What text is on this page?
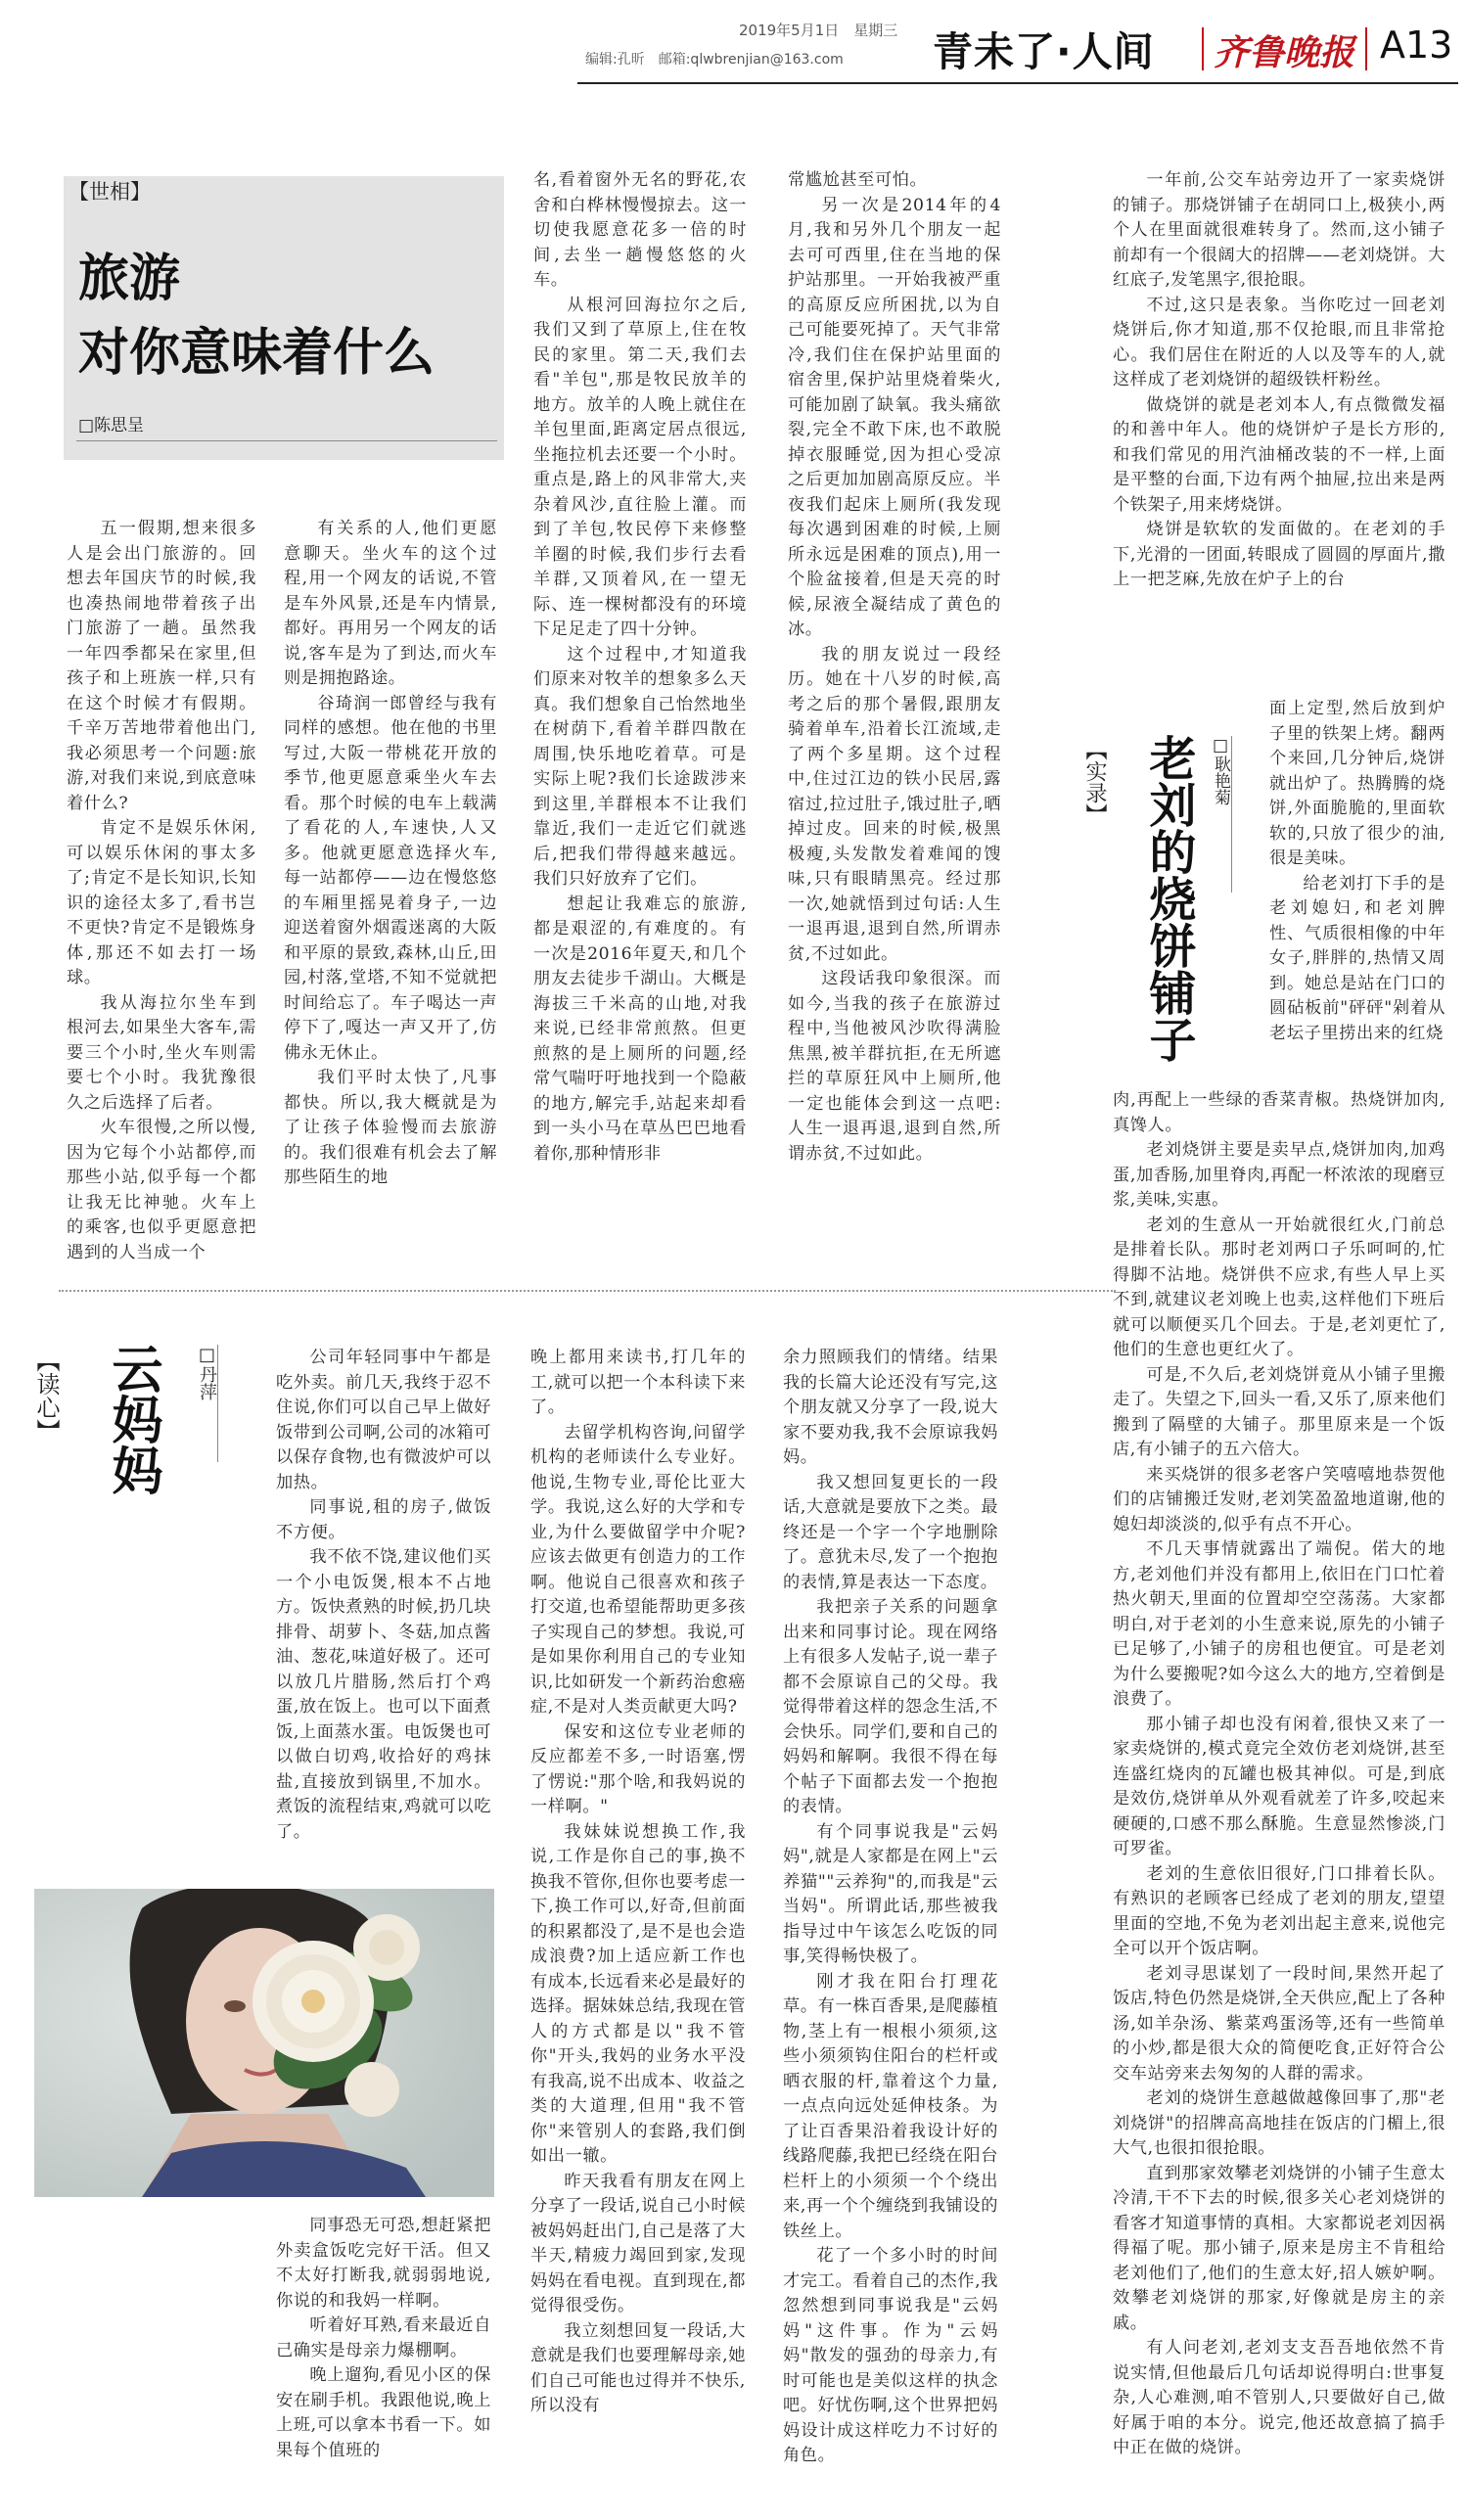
2019年5月1日　星期三
编辑:孔昕　邮箱:qlwbrenjian@163.com 青未了·人间 齐鲁晚报 A13
【世相】
旅游
对你意味着什么
□陈思呈

五一假期,想来很多人是会出门旅游的。回想去年国庆节的时候,我也凑热闹地带着孩子出门旅游了一趟。虽然我一年四季都呆在家里,但孩子和上班族一样,只有在这个时候才有假期。千辛万苦地带着他出门,我必须思考一个问题:旅游,对我们来说,到底意味着什么?

肯定不是娱乐休闲,可以娱乐休闲的事太多了;肯定不是长知识,长知识的途径太多了,看书岂不更快?肯定不是锻炼身体,那还不如去打一场球。

我从海拉尔坐车到根河去,如果坐大客车,需要三个小时,坐火车则需要七个小时。我犹豫很久之后选择了后者。

火车很慢,之所以慢,因为它每个小站都停,而那些小站,似乎每一个都让我无比神驰。火车上的乘客,也似乎更愿意把遇到的人当成一个

有关系的人,他们更愿意聊天。坐火车的这个过程,用一个网友的话说,不管是车外风景,还是车内情景,都好。再用另一个网友的话说,客车是为了到达,而火车则是拥抱路途。

谷琦润一郎曾经与我有同样的感想。他在他的书里写过,大阪一带桃花开放的季节,他更愿意乘坐火车去看。那个时候的电车上载满了看花的人,车速快,人又多。他就更愿意选择火车,每一站都停——边在慢悠悠的车厢里摇晃着身子,一边迎送着窗外烟霞迷离的大阪和平原的景致,森林,山丘,田园,村落,堂塔,不知不觉就把时间给忘了。车子喝达一声停下了,嘎达一声又开了,仿佛永无休止。

我们平时太快了,凡事都快。所以,我大概就是为了让孩子体验慢而去旅游的。我们很难有机会去了解那些陌生的地

名,看着窗外无名的野花,农舍和白桦林慢慢掠去。这一切使我愿意花多一倍的时间,去坐一趟慢悠悠的火车。

从根河回海拉尔之后,我们又到了草原上,住在牧民的家里。第二天,我们去看"羊包",那是牧民放羊的地方。放羊的人晚上就住在羊包里面,距离定居点很远,坐拖拉机去还要一个小时。重点是,路上的风非常大,夹杂着风沙,直往脸上灌。而到了羊包,牧民停下来修整羊圈的时候,我们步行去看羊群,又顶着风,在一望无际、连一棵树都没有的环境下足足走了四十分钟。

这个过程中,才知道我们原来对牧羊的想象多么天真。我们想象自己怡然地坐在树荫下,看着羊群四散在周围,快乐地吃着草。可是实际上呢?我们长途跋涉来到这里,羊群根本不让我们靠近,我们一走近它们就逃后,把我们带得越来越远。我们只好放弃了它们。

想起让我难忘的旅游,都是艰涩的,有难度的。有一次是2016年夏天,和几个朋友去徒步千湖山。大概是海拔三千米高的山地,对我来说,已经非常煎熬。但更煎熬的是上厕所的问题,经常气喘吁吁地找到一个隐蔽的地方,解完手,站起来却看到一头小马在草丛巴巴地看着你,那种情形非

常尴尬甚至可怕。

另一次是2014年的4月,我和另外几个朋友一起去可可西里,住在当地的保护站那里。一开始我被严重的高原反应所困扰,以为自己可能要死掉了。天气非常冷,我们住在保护站里面的宿舍里,保护站里烧着柴火,可能加剧了缺氧。我头痛欲裂,完全不敢下床,也不敢脱掉衣服睡觉,因为担心受凉之后更加加剧高原反应。半夜我们起床上厕所(我发现每次遇到困难的时候,上厕所永远是困难的顶点),用一个脸盆接着,但是天亮的时候,尿液全凝结成了黄色的冰。

我的朋友说过一段经历。她在十八岁的时候,高考之后的那个暑假,跟朋友骑着单车,沿着长江流域,走了两个多星期。这个过程中,住过江边的铁小民居,露宿过,拉过肚子,饿过肚子,晒掉过皮。回来的时候,极黑极瘦,头发散发着难闻的馊味,只有眼睛黑亮。经过那一次,她就悟到过句话:人生一退再退,退到自然,所谓赤贫,不过如此。

这段话我印象很深。而如今,当我的孩子在旅游过程中,当他被风沙吹得满脸焦黑,被羊群抗拒,在无所遮拦的草原狂风中上厕所,他一定也能体会到这一点吧:人生一退再退,退到自然,所谓赤贫,不过如此。

【读心】 云妈妈	□丹萍	公司年轻同事中午都是吃外卖。前几天,我终于忍不住说,你们可以自己早上做好饭带到公司啊,公司的冰箱可以保存食物,也有微波炉可以加热。

同事说,租的房子,做饭不方便。

我不依不饶,建议他们买一个小电饭煲,根本不占地方。饭快煮熟的时候,扔几块排骨、胡萝卜、冬菇,加点酱油、葱花,味道好极了。还可以放几片腊肠,然后打个鸡蛋,放在饭上。也可以下面煮饭,上面蒸水蛋。电饭煲也可以做白切鸡,收拾好的鸡抹盐,直接放到锅里,不加水。煮饭的流程结束,鸡就可以吃了。

同事恐无可恐,想赶紧把外卖盒饭吃完好干活。但又不太好打断我,就弱弱地说,你说的和我妈一样啊。

听着好耳熟,看来最近自己确实是母亲力爆棚啊。

晚上遛狗,看见小区的保安在刷手机。我跟他说,晚上上班,可以拿本书看一下。如果每个值班的

晚上都用来读书,打几年的工,就可以把一个本科读下来了。

去留学机构咨询,问留学机构的老师读什么专业好。他说,生物专业,哥伦比亚大学。我说,这么好的大学和专业,为什么要做留学中介呢?应该去做更有创造力的工作啊。他说自己很喜欢和孩子打交道,也希望能帮助更多孩子实现自己的梦想。我说,可是如果你利用自己的专业知识,比如研发一个新药治愈癌症,不是对人类贡献更大吗?

保安和这位专业老师的反应都差不多,一时语塞,愣了愣说:"那个啥,和我妈说的一样啊。"

我妹妹说想换工作,我说,工作是你自己的事,换不换我不管你,但你也要考虑一下,换工作可以,好奇,但前面的积累都没了,是不是也会造成浪费?加上适应新工作也有成本,长远看来必是最好的选择。据妹妹总结,我现在管人的方式都是以"我不管你"开头,我妈的业务水平没有我高,说不出成本、收益之类的大道理,但用"我不管你"来管别人的套路,我们倒如出一辙。

昨天我看有朋友在网上分享了一段话,说自己小时候被妈妈赶出门,自己是落了大半天,精疲力竭回到家,发现妈妈在看电视。直到现在,都觉得很受伤。

我立刻想回复一段话,大意就是我们也要理解母亲,她们自己可能也过得并不快乐,所以没有

余力照顾我们的情绪。结果我的长篇大论还没有写完,这个朋友就又分享了一段,说大家不要劝我,我不会原谅我妈妈。

我又想回复更长的一段话,大意就是要放下之类。最终还是一个字一个字地删除了。意犹未尽,发了一个抱抱的表情,算是表达一下态度。

我把亲子关系的问题拿出来和同事讨论。现在网络上有很多人发帖子,说一辈子都不会原谅自己的父母。我觉得带着这样的怨念生活,不会快乐。同学们,要和自己的妈妈和解啊。我很不得在每个帖子下面都去发一个抱抱的表情。

有个同事说我是"云妈妈",就是人家都是在网上"云养猫""云养狗"的,而我是"云当妈"。所谓此话,那些被我指导过中午该怎么吃饭的同事,笑得畅快极了。

刚才我在阳台打理花草。有一株百香果,是爬藤植物,茎上有一根根小须须,这些小须须钩住阳台的栏杆或晒衣服的杆,靠着这个力量,一点点向远处延伸枝条。为了让百香果沿着我设计好的线路爬藤,我把已经绕在阳台栏杆上的小须须一个个绕出来,再一个个缠绕到我铺设的铁丝上。

花了一个多小时的时间才完工。看着自己的杰作,我忽然想到同事说我是"云妈妈"这件事。作为"云妈妈"散发的强劲的母亲力,有时可能也是美似这样的执念吧。好忧伤啊,这个世界把妈妈设计成这样吃力不讨好的角色。

一年前,公交车站旁边开了一家卖烧饼的铺子。那烧饼铺子在胡同口上,极狭小,两个人在里面就很难转身了。然而,这小铺子前却有一个很阔大的招牌——老刘烧饼。大红底子,发笔黑字,很抢眼。

不过,这只是表象。当你吃过一回老刘烧饼后,你才知道,那不仅抢眼,而且非常抢心。我们居住在附近的人以及等车的人,就这样成了老刘烧饼的超级铁杆粉丝。

做烧饼的就是老刘本人,有点微微发福的和善中年人。他的烧饼炉子是长方形的,和我们常见的用汽油桶改装的不一样,上面是平整的台面,下边有两个抽屉,拉出来是两个铁架子,用来烤烧饼。

烧饼是软软的发面做的。在老刘的手下,光滑的一团面,转眼成了圆圆的厚面片,撒上一把芝麻,先放在炉子上的台

【实录】 老刘的烧饼铺子 □耿艳菊

面上定型,然后放到炉子里的铁架上烤。翻两个来回,几分钟后,烧饼就出炉了。热腾腾的烧饼,外面脆脆的,里面软软的,只放了很少的油,很是美味。

给老刘打下手的是老刘媳妇,和老刘脾性、气质很相像的中年女子,胖胖的,热情又周到。她总是站在门口的圆砧板前"砰砰"剁着从老坛子里捞出来的红烧

肉,再配上一些绿的香菜青椒。热烧饼加肉,真馋人。

老刘烧饼主要是卖早点,烧饼加肉,加鸡蛋,加香肠,加里脊肉,再配一杯浓浓的现磨豆浆,美味,实惠。

老刘的生意从一开始就很红火,门前总是排着长队。那时老刘两口子乐呵呵的,忙得脚不沾地。烧饼供不应求,有些人早上买不到,就建议老刘晚上也卖,这样他们下班后就可以顺便买几个回去。于是,老刘更忙了,他们的生意也更红火了。

可是,不久后,老刘烧饼竟从小铺子里搬走了。失望之下,回头一看,又乐了,原来他们搬到了隔壁的大铺子。那里原来是一个饭店,有小铺子的五六倍大。

来买烧饼的很多老客户笑嘻嘻地恭贺他们的店铺搬迁发财,老刘笑盈盈地道谢,他的媳妇却淡淡的,似乎有点不开心。

不几天事情就露出了端倪。偌大的地方,老刘他们并没有都用上,依旧在门口忙着热火朝天,里面的位置却空空荡荡。大家都明白,对于老刘的小生意来说,原先的小铺子已足够了,小铺子的房租也便宜。可是老刘为什么要搬呢?如今这么大的地方,空着倒是浪费了。

那小铺子却也没有闲着,很快又来了一家卖烧饼的,模式竟完全效仿老刘烧饼,甚至连盛红烧肉的瓦罐也极其神似。可是,到底是效仿,烧饼单从外观看就差了许多,咬起来硬硬的,口感不那么酥脆。生意显然惨淡,门可罗雀。

老刘的生意依旧很好,门口排着长队。有熟识的老顾客已经成了老刘的朋友,望望里面的空地,不免为老刘出起主意来,说他完全可以开个饭店啊。

老刘寻思谋划了一段时间,果然开起了饭店,特色仍然是烧饼,全天供应,配上了各种汤,如羊杂汤、紫菜鸡蛋汤等,还有一些简单的小炒,都是很大众的简便吃食,正好符合公交车站旁来去匆匆的人群的需求。

老刘的烧饼生意越做越像回事了,那"老刘烧饼"的招牌高高地挂在饭店的门楣上,很大气,也很扣很抢眼。

直到那家效攀老刘烧饼的小铺子生意太冷清,干不下去的时候,很多关心老刘烧饼的看客才知道事情的真相。大家都说老刘因祸得福了呢。那小铺子,原来是房主不肯租给老刘他们了,他们的生意太好,招人嫉妒啊。效攀老刘烧饼的那家,好像就是房主的亲戚。

有人问老刘,老刘支支吾吾地依然不肯说实情,但他最后几句话却说得明白:世事复杂,人心难测,咱不管别人,只要做好自己,做好属于咱的本分。说完,他还故意搞了搞手中正在做的烧饼。
